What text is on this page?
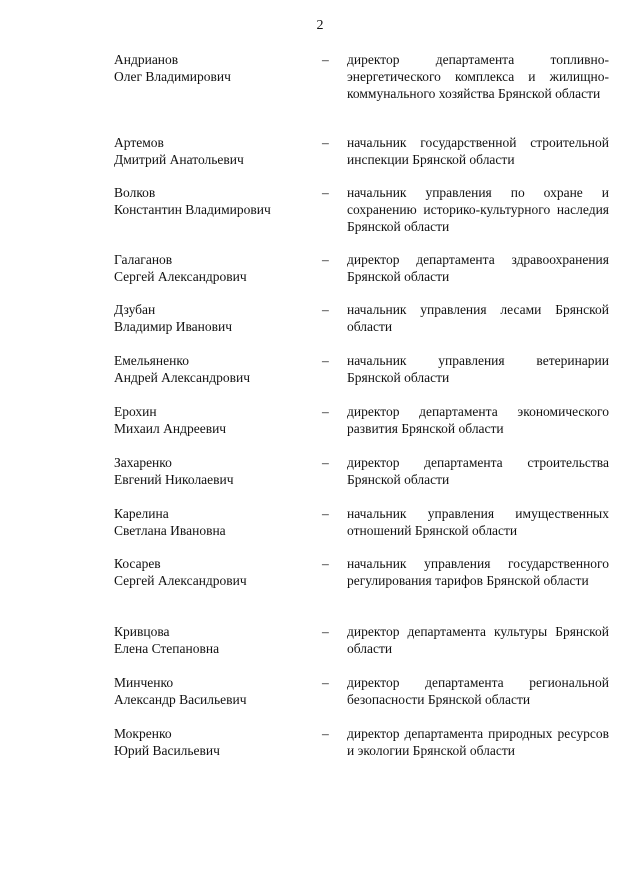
2
Андрианов
Олег Владимирович
– директор департамента топливно-энергетического комплекса и жилищно-коммунального хозяйства Брянской области
Артемов
Дмитрий Анатольевич
– начальник государственной строительной инспекции Брянской области
Волков
Константин Владимирович
– начальник управления по охране и сохранению историко-культурного наследия Брянской области
Галаганов
Сергей Александрович
– директор департамента здравоохранения Брянской области
Дзубан
Владимир Иванович
– начальник управления лесами Брянской области
Емельяненко
Андрей Александрович
– начальник управления ветеринарии Брянской области
Ерохин
Михаил Андреевич
– директор департамента экономического развития Брянской области
Захаренко
Евгений Николаевич
– директор департамента строительства Брянской области
Карелина
Светлана Ивановна
– начальник управления имущественных отношений Брянской области
Косарев
Сергей Александрович
– начальник управления государственного регулирования тарифов Брянской области
Кривцова
Елена Степановна
– директор департамента культуры Брянской области
Минченко
Александр Васильевич
– директор департамента региональной безопасности Брянской области
Мокренко
Юрий Васильевич
– директор департамента природных ресурсов и экологии Брянской области
